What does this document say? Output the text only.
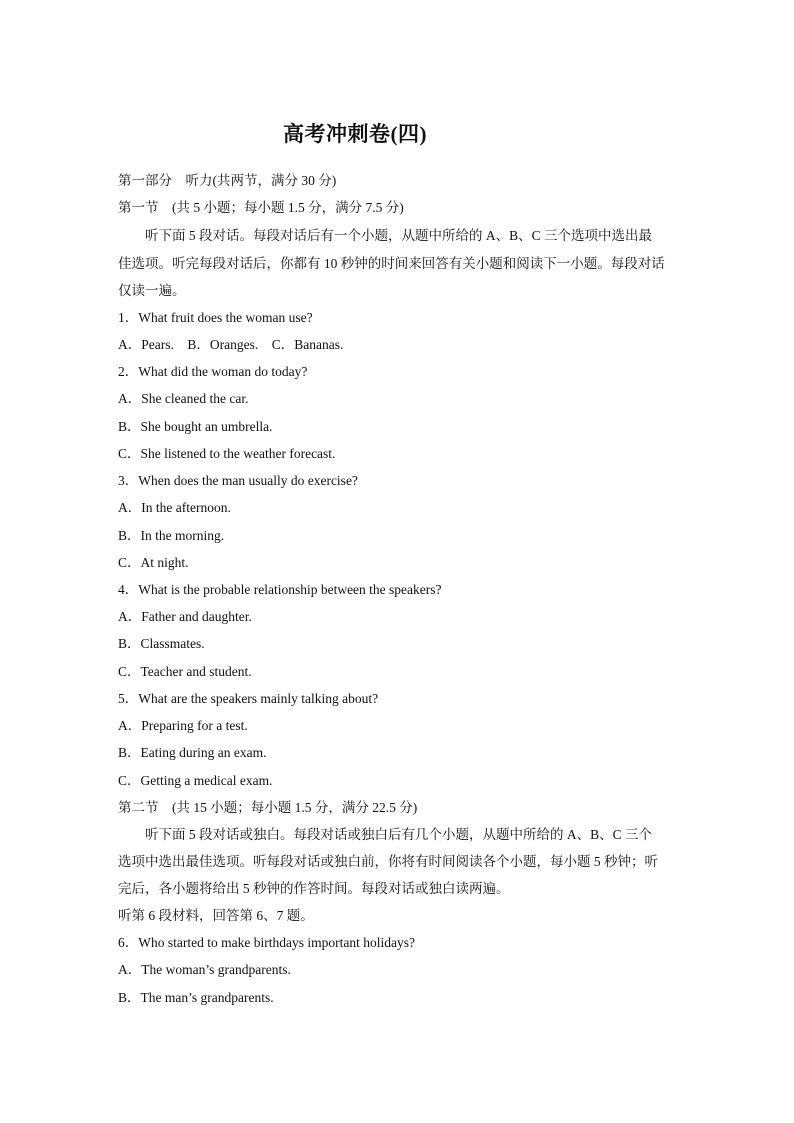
高考冲刺卷(四)
第一部分　听力(共两节，满分 30 分)
第一节　(共 5 小题；每小题 1.5 分，满分 7.5 分)
听下面 5 段对话。每段对话后有一个小题，从题中所给的 A、B、C 三个选项中选出最
佳选项。听完每段对话后，你都有 10 秒钟的时间来回答有关小题和阅读下一小题。每段对话
仅读一遍。
1．What fruit does the woman use?
A．Pears.　B．Oranges.　C．Bananas.
2．What did the woman do today?
A．She cleaned the car.
B．She bought an umbrella.
C．She listened to the weather forecast.
3．When does the man usually do exercise?
A．In the afternoon.
B．In the morning.
C．At night.
4．What is the probable relationship between the speakers?
A．Father and daughter.
B．Classmates.
C．Teacher and student.
5．What are the speakers mainly talking about?
A．Preparing for a test.
B．Eating during an exam.
C．Getting a medical exam.
第二节　(共 15 小题；每小题 1.5 分，满分 22.5 分)
听下面 5 段对话或独白。每段对话或独白后有几个小题，从题中所给的 A、B、C 三个
选项中选出最佳选项。听每段对话或独白前，你将有时间阅读各个小题，每小题 5 秒钟；听
完后，各小题将给出 5 秒钟的作答时间。每段对话或独白读两遍。
听第 6 段材料，回答第 6、7 题。
6．Who started to make birthdays important holidays?
A．The woman’s grandparents.
B．The man’s grandparents.
